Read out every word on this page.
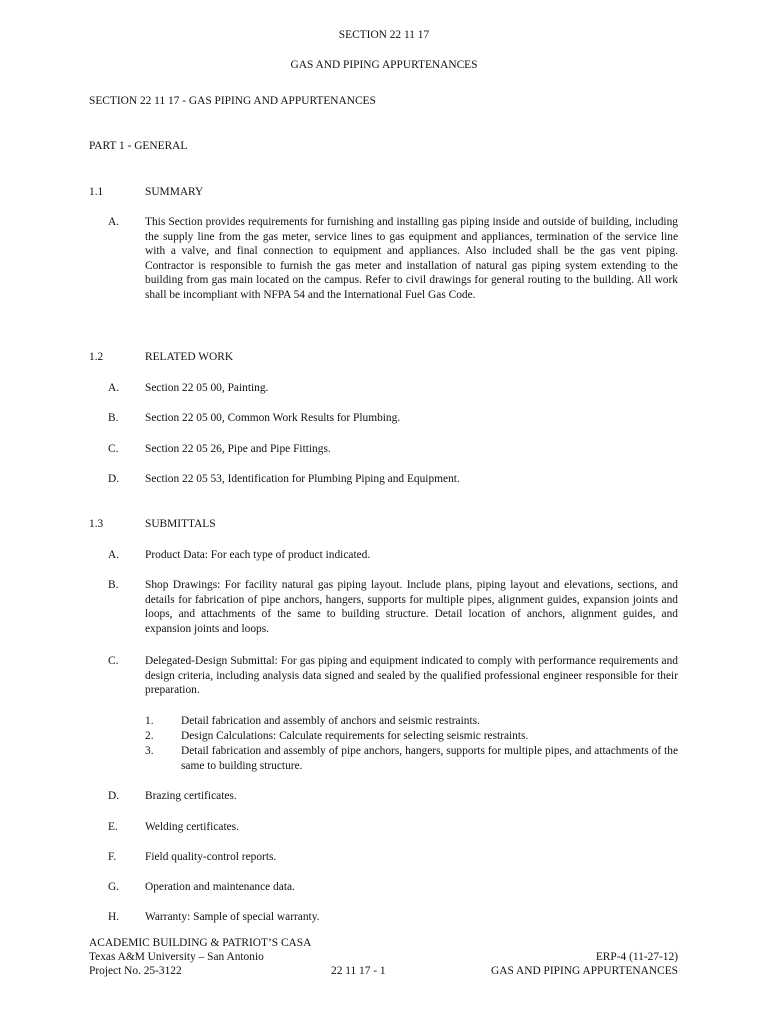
SECTION 22 11 17
GAS AND PIPING APPURTENANCES
SECTION 22 11 17 - GAS PIPING AND APPURTENANCES
PART 1 - GENERAL
1.1	SUMMARY
A. This Section provides requirements for furnishing and installing gas piping inside and outside of building, including the supply line from the gas meter, service lines to gas equipment and appliances, termination of the service line with a valve, and final connection to equipment and appliances. Also included shall be the gas vent piping. Contractor is responsible to furnish the gas meter and installation of natural gas piping system extending to the building from gas main located on the campus. Refer to civil drawings for general routing to the building. All work shall be incompliant with NFPA 54 and the International Fuel Gas Code.
1.2	RELATED WORK
A. Section 22 05 00, Painting.
B. Section 22 05 00, Common Work Results for Plumbing.
C. Section 22 05 26, Pipe and Pipe Fittings.
D. Section 22 05 53, Identification for Plumbing Piping and Equipment.
1.3	SUBMITTALS
A. Product Data: For each type of product indicated.
B. Shop Drawings: For facility natural gas piping layout. Include plans, piping layout and elevations, sections, and details for fabrication of pipe anchors, hangers, supports for multiple pipes, alignment guides, expansion joints and loops, and attachments of the same to building structure. Detail location of anchors, alignment guides, and expansion joints and loops.
C. Delegated-Design Submittal: For gas piping and equipment indicated to comply with performance requirements and design criteria, including analysis data signed and sealed by the qualified professional engineer responsible for their preparation.
1. Detail fabrication and assembly of anchors and seismic restraints.
2. Design Calculations: Calculate requirements for selecting seismic restraints.
3. Detail fabrication and assembly of pipe anchors, hangers, supports for multiple pipes, and attachments of the same to building structure.
D. Brazing certificates.
E. Welding certificates.
F.	Field quality-control reports.
G. Operation and maintenance data.
H. Warranty: Sample of special warranty.
ACADEMIC BUILDING & PATRIOT’S CASA
Texas A&M University – San Antonio
Project No. 25-3122	22 11 17 - 1
ERP-4 (11-27-12)
GAS AND PIPING APPURTENANCES
